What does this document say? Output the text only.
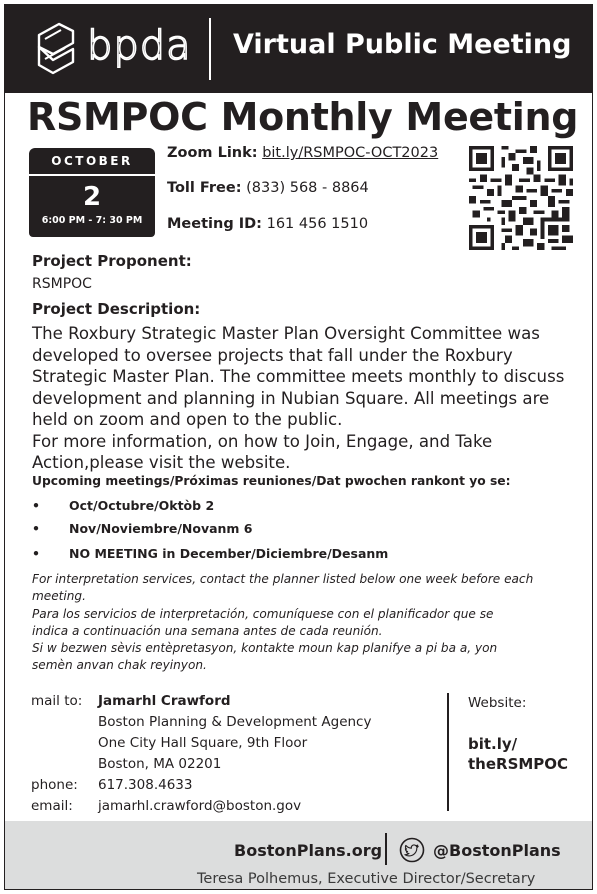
bpda Virtual Public Meeting
RSMPOC Monthly Meeting
OCTOBER
2
6:00 PM - 7: 30 PM
Zoom Link: bit.ly/RSMPOC-OCT2023
Toll Free: (833) 568 - 8864
Meeting ID: 161 456 1510
Project Proponent:
RSMPOC
Project Description:
The Roxbury Strategic Master Plan Oversight Committee was
developed to oversee projects that fall under the Roxbury
Strategic Master Plan. The committee meets monthly to discuss
development and planning in Nubian Square. All meetings are
held on zoom and open to the public.
For more information, on how to Join, Engage, and Take
Action,please visit the website.
Upcoming meetings/Próximas reuniones/Dat pwochen rankont yo se:
• Oct/Octubre/Oktòb 2
• Nov/Noviembre/Novanm 6
• NO MEETING in December/Diciembre/Desanm
For interpretation services, contact the planner listed below one week before each
meeting.
Para los servicios de interpretación, comuníquese con el planificador que se
indica a continuación una semana antes de cada reunión.
Si w bezwen sèvis entèpretasyon, kontakte moun kap planifye a pi ba a, yon
semèn anvan chak reyinyon.
mail to: Jamarhl Crawford
Boston Planning & Development Agency
One City Hall Square, 9th Floor
Boston, MA 02201
phone: 617.308.4633
email: jamarhl.crawford@boston.gov
Website:
bit.ly/
theRSMPOC
BostonPlans.org	@BostonPlans
Teresa Polhemus, Executive Director/Secretary
